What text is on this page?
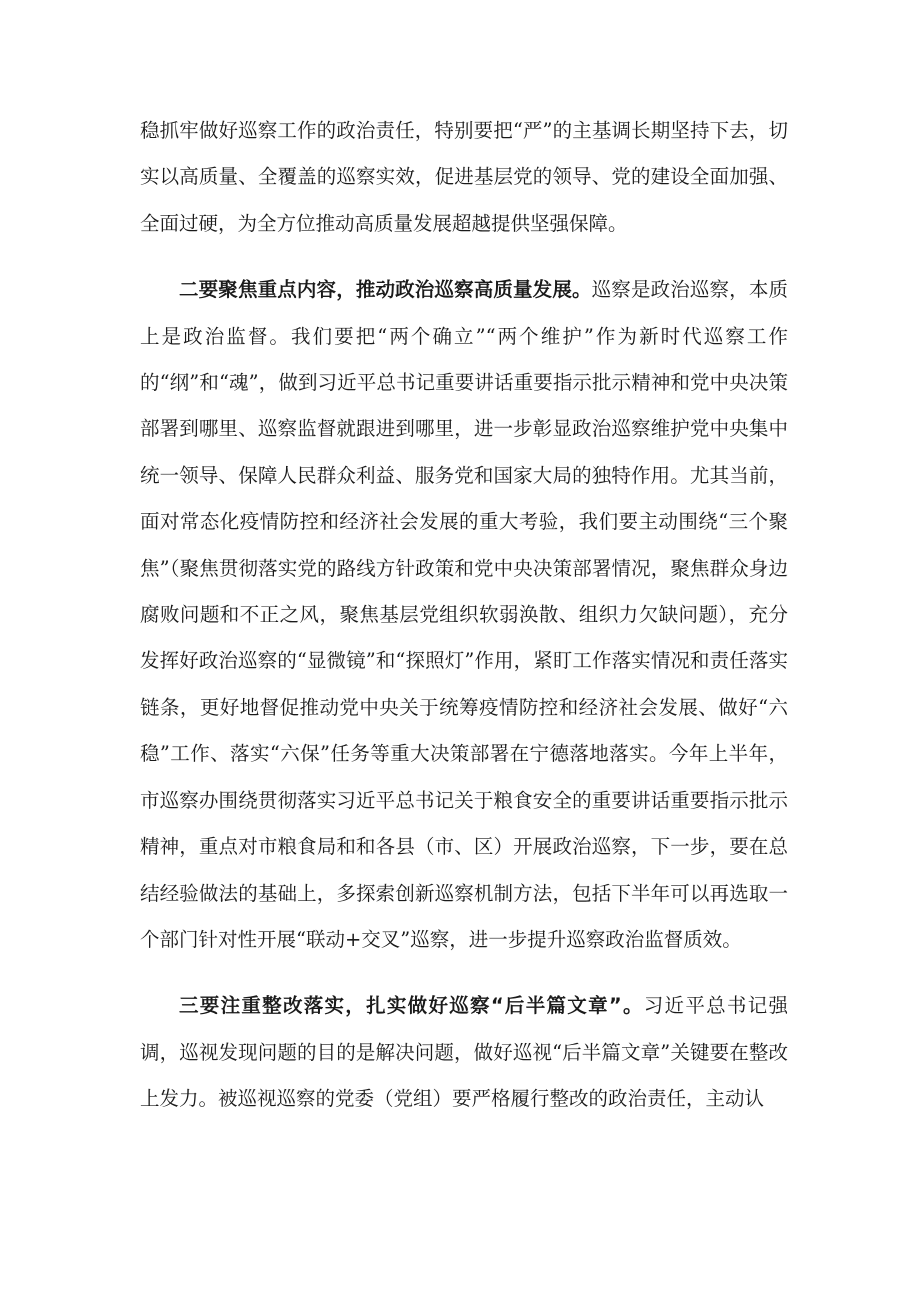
稳抓牢做好巡察工作的政治责任，特别要把“严”的主基调长期坚持下去，切实以高质量、全覆盖的巡察实效，促进基层党的领导、党的建设全面加强、全面过硬，为全方位推动高质量发展超越提供坚强保障。

二要聚焦重点内容，推动政治巡察高质量发展。巡察是政治巡察，本质上是政治监督。我们要把“两个确立”“两个维护”作为新时代巡察工作的“纲”和“魂”，做到习近平总书记重要讲话重要指示批示精神和党中央决策部署到哪里、巡察监督就跟进到哪里，进一步彰显政治巡察维护党中央集中统一领导、保障人民群众利益、服务党和国家大局的独特作用。尤其当前，面对常态化疫情防控和经济社会发展的重大考验，我们要主动围绕“三个聚焦”（聚焦贯彻落实党的路线方针政策和党中央决策部署情况，聚焦群众身边腐败问题和不正之风，聚焦基层党组织软弱涣散、组织力欠缺问题），充分发挥好政治巡察的“显微镜”和“探照灯”作用，紧盯工作落实情况和责任落实链条，更好地督促推动党中央关于统筹疫情防控和经济社会发展、做好“六稳”工作、落实“六保”任务等重大决策部署在宁德落地落实。今年上半年，市巡察办围绕贯彻落实习近平总书记关于粮食安全的重要讲话重要指示批示精神，重点对市粮食局和和各县（市、区）开展政治巡察，下一步，要在总结经验做法的基础上，多探索创新巡察机制方法，包括下半年可以再选取一个部门针对性开展“联动+交叉”巡察，进一步提升巡察政治监督质效。

三要注重整改落实，扎实做好巡察“后半篇文章”。习近平总书记强调，巡视发现问题的目的是解决问题，做好巡视“后半篇文章”关键要在整改上发力。被巡视巡察的党委（党组）要严格履行整改的政治责任，主动认
